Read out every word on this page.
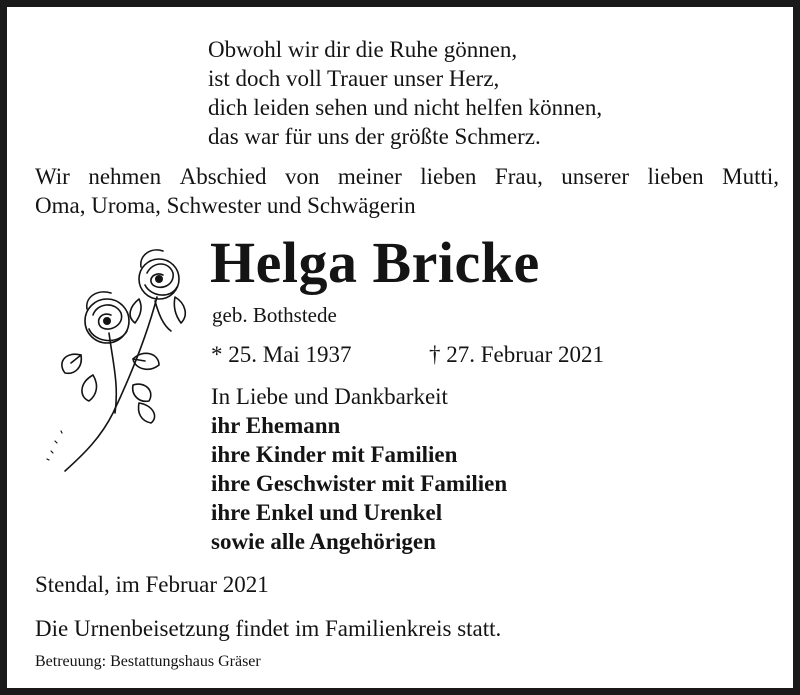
Obwohl wir dir die Ruhe gönnen,
ist doch voll Trauer unser Herz,
dich leiden sehen und nicht helfen können,
das war für uns der größte Schmerz.
Wir nehmen Abschied von meiner lieben Frau, unserer lieben Mutti,
Oma, Uroma, Schwester und Schwägerin
Helga Bricke
geb. Bothstede
* 25. Mai 1937	† 27. Februar 2021
In Liebe und Dankbarkeit
ihr Ehemann
ihre Kinder mit Familien
ihre Geschwister mit Familien
ihre Enkel und Urenkel
sowie alle Angehörigen
Stendal, im Februar 2021
Die Urnenbeisetzung findet im Familienkreis statt.
Betreuung: Bestattungshaus Gräser
